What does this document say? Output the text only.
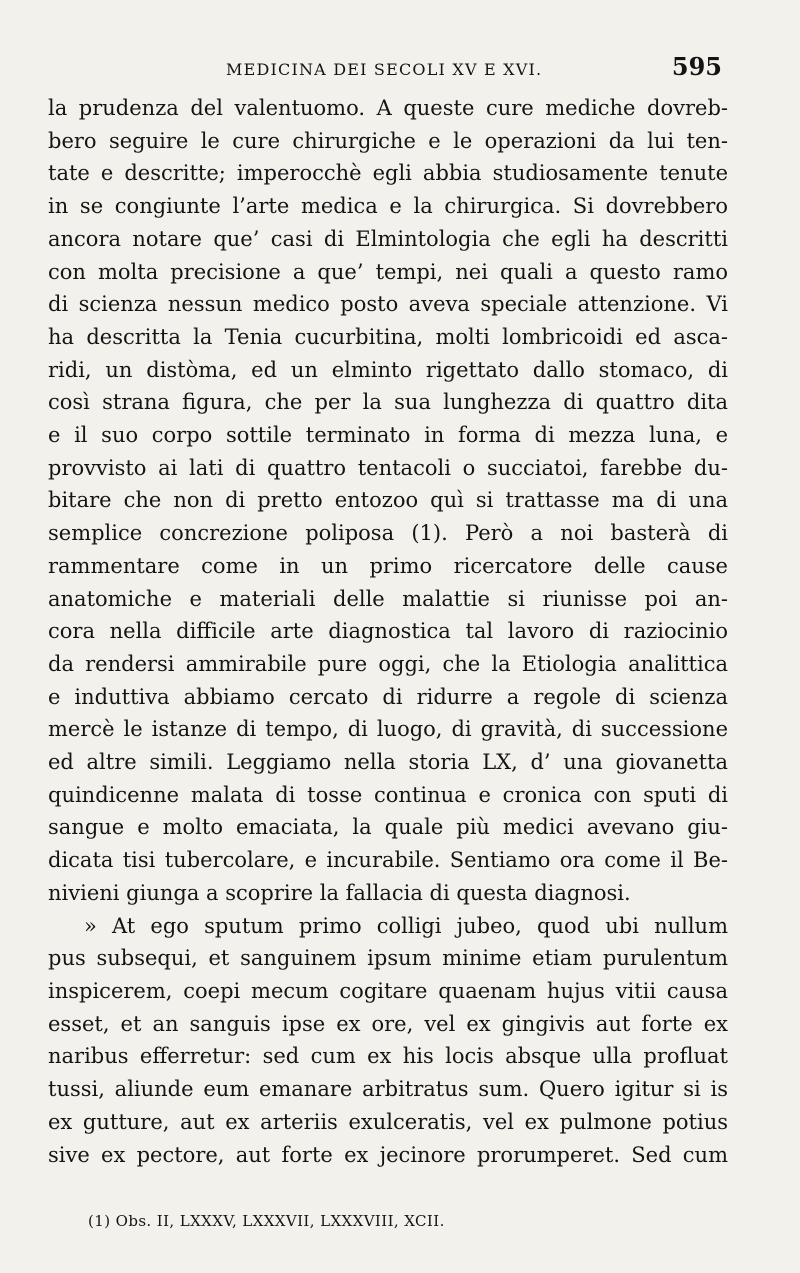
MEDICINA DEI SECOLI XV E XVI.	595
la prudenza del valentuomo. A queste cure mediche dovreb-
bero seguire le cure chirurgiche e le operazioni da lui ten-
tate e descritte; imperocchè egli abbia studiosamente tenute
in se congiunte l’arte medica e la chirurgica. Si dovrebbero
ancora notare que’ casi di Elmintologia che egli ha descritti
con molta precisione a que’ tempi, nei quali a questo ramo
di scienza nessun medico posto aveva speciale attenzione. Vi
ha descritta la Tenia cucurbitina, molti lombricoidi ed asca-
ridi, un distòma, ed un elminto rigettato dallo stomaco, di
così strana figura, che per la sua lunghezza di quattro dita
e il suo corpo sottile terminato in forma di mezza luna, e
provvisto ai lati di quattro tentacoli o succiatoi, farebbe du-
bitare che non di pretto entozoo quì si trattasse ma di una
semplice concrezione poliposa (1). Però a noi basterà di
rammentare come in un primo ricercatore delle cause
anatomiche e materiali delle malattie si riunisse poi an-
cora nella difficile arte diagnostica tal lavoro di raziocinio
da rendersi ammirabile pure oggi, che la Etiologia analittica
e induttiva abbiamo cercato di ridurre a regole di scienza
mercè le istanze di tempo, di luogo, di gravità, di successione
ed altre simili. Leggiamo nella storia LX, d’ una giovanetta
quindicenne malata di tosse continua e cronica con sputi di
sangue e molto emaciata, la quale più medici avevano giu-
dicata tisi tubercolare, e incurabile. Sentiamo ora come il Be-
nivieni giunga a scoprire la fallacia di questa diagnosi.
» At ego sputum primo colligi jubeo, quod ubi nullum
pus subsequi, et sanguinem ipsum minime etiam purulentum
inspicerem, coepi mecum cogitare quaenam hujus vitii causa
esset, et an sanguis ipse ex ore, vel ex gingivis aut forte ex
naribus efferretur: sed cum ex his locis absque ulla profluat
tussi, aliunde eum emanare arbitratus sum. Quero igitur si is
ex gutture, aut ex arteriis exulceratis, vel ex pulmone potius
sive ex pectore, aut forte ex jecinore prorumperet. Sed cum
(1) Obs. II, LXXXV, LXXXVII, LXXXVIII, XCII.
